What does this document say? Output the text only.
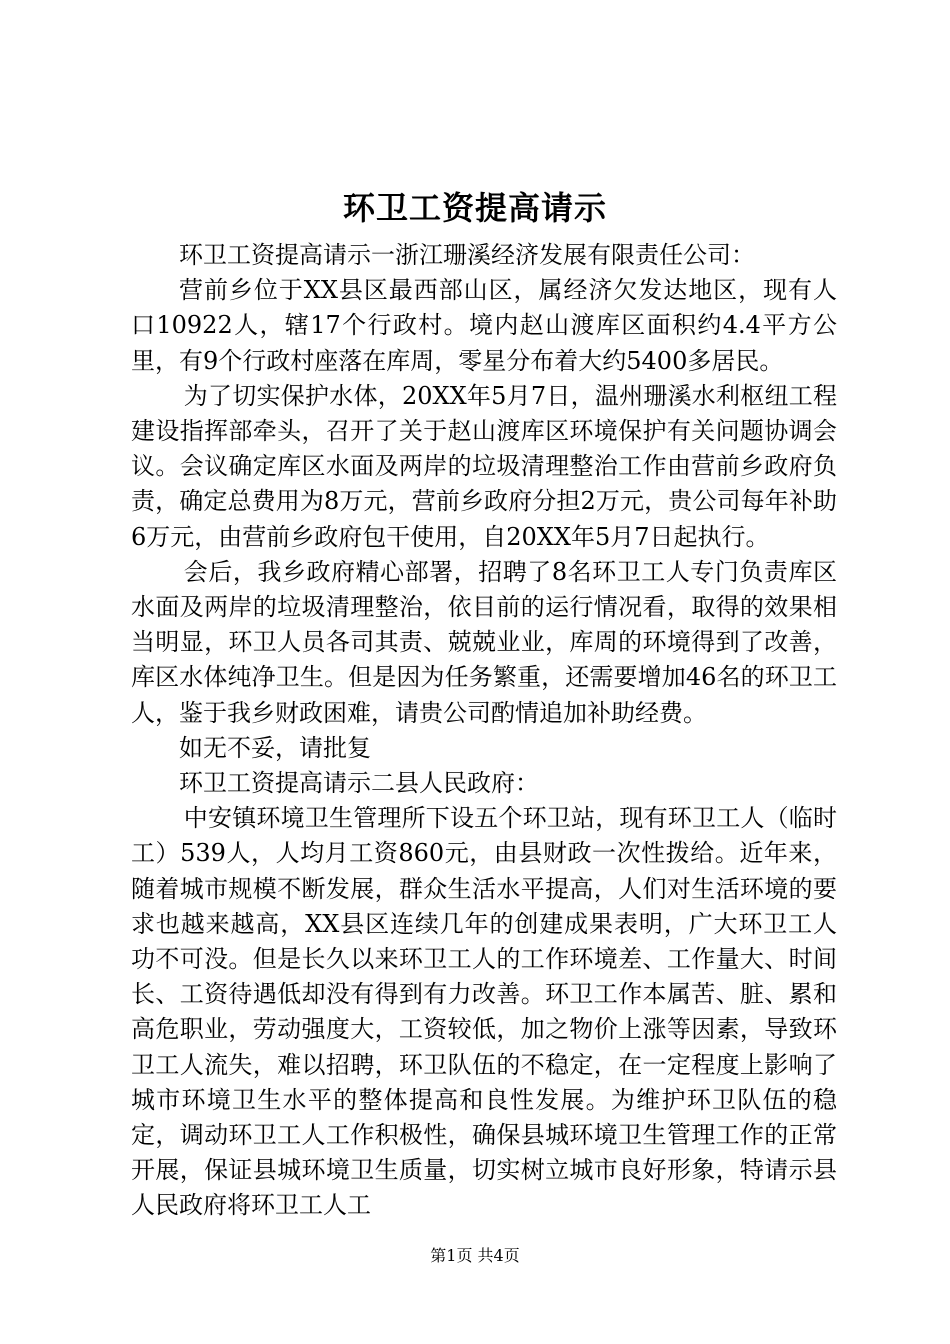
环卫工资提高请示

环卫工资提高请示一浙江珊溪经济发展有限责任公司：

营前乡位于XX县区最西部山区，属经济欠发达地区，现有人口10922人，辖17个行政村。境内赵山渡库区面积约4.4平方公里，有9个行政村座落在库周，零星分布着大约5400多居民。

为了切实保护水体，20XX年5月7日，温州珊溪水利枢纽工程建设指挥部牵头，召开了关于赵山渡库区环境保护有关问题协调会议。会议确定库区水面及两岸的垃圾清理整治工作由营前乡政府负责，确定总费用为8万元，营前乡政府分担2万元，贵公司每年补助6万元，由营前乡政府包干使用，自20XX年5月7日起执行。

会后，我乡政府精心部署，招聘了8名环卫工人专门负责库区水面及两岸的垃圾清理整治，依目前的运行情况看，取得的效果相当明显，环卫人员各司其责、兢兢业业，库周的环境得到了改善，库区水体纯净卫生。但是因为任务繁重，还需要增加46名的环卫工人，鉴于我乡财政困难，请贵公司酌情追加补助经费。

如无不妥，请批复

环卫工资提高请示二县人民政府：

中安镇环境卫生管理所下设五个环卫站，现有环卫工人（临时工）539人，人均月工资860元，由县财政一次性拨给。近年来，随着城市规模不断发展，群众生活水平提高，人们对生活环境的要求也越来越高，XX县区连续几年的创建成果表明，广大环卫工人功不可没。但是长久以来环卫工人的工作环境差、工作量大、时间长、工资待遇低却没有得到有力改善。环卫工作本属苦、脏、累和高危职业，劳动强度大，工资较低，加之物价上涨等因素，导致环卫工人流失，难以招聘，环卫队伍的不稳定，在一定程度上影响了城市环境卫生水平的整体提高和良性发展。为维护环卫队伍的稳定，调动环卫工人工作积极性，确保县城环境卫生管理工作的正常开展，保证县城环境卫生质量，切实树立城市良好形象，特请示县人民政府将环卫工人工

第1页 共4页
